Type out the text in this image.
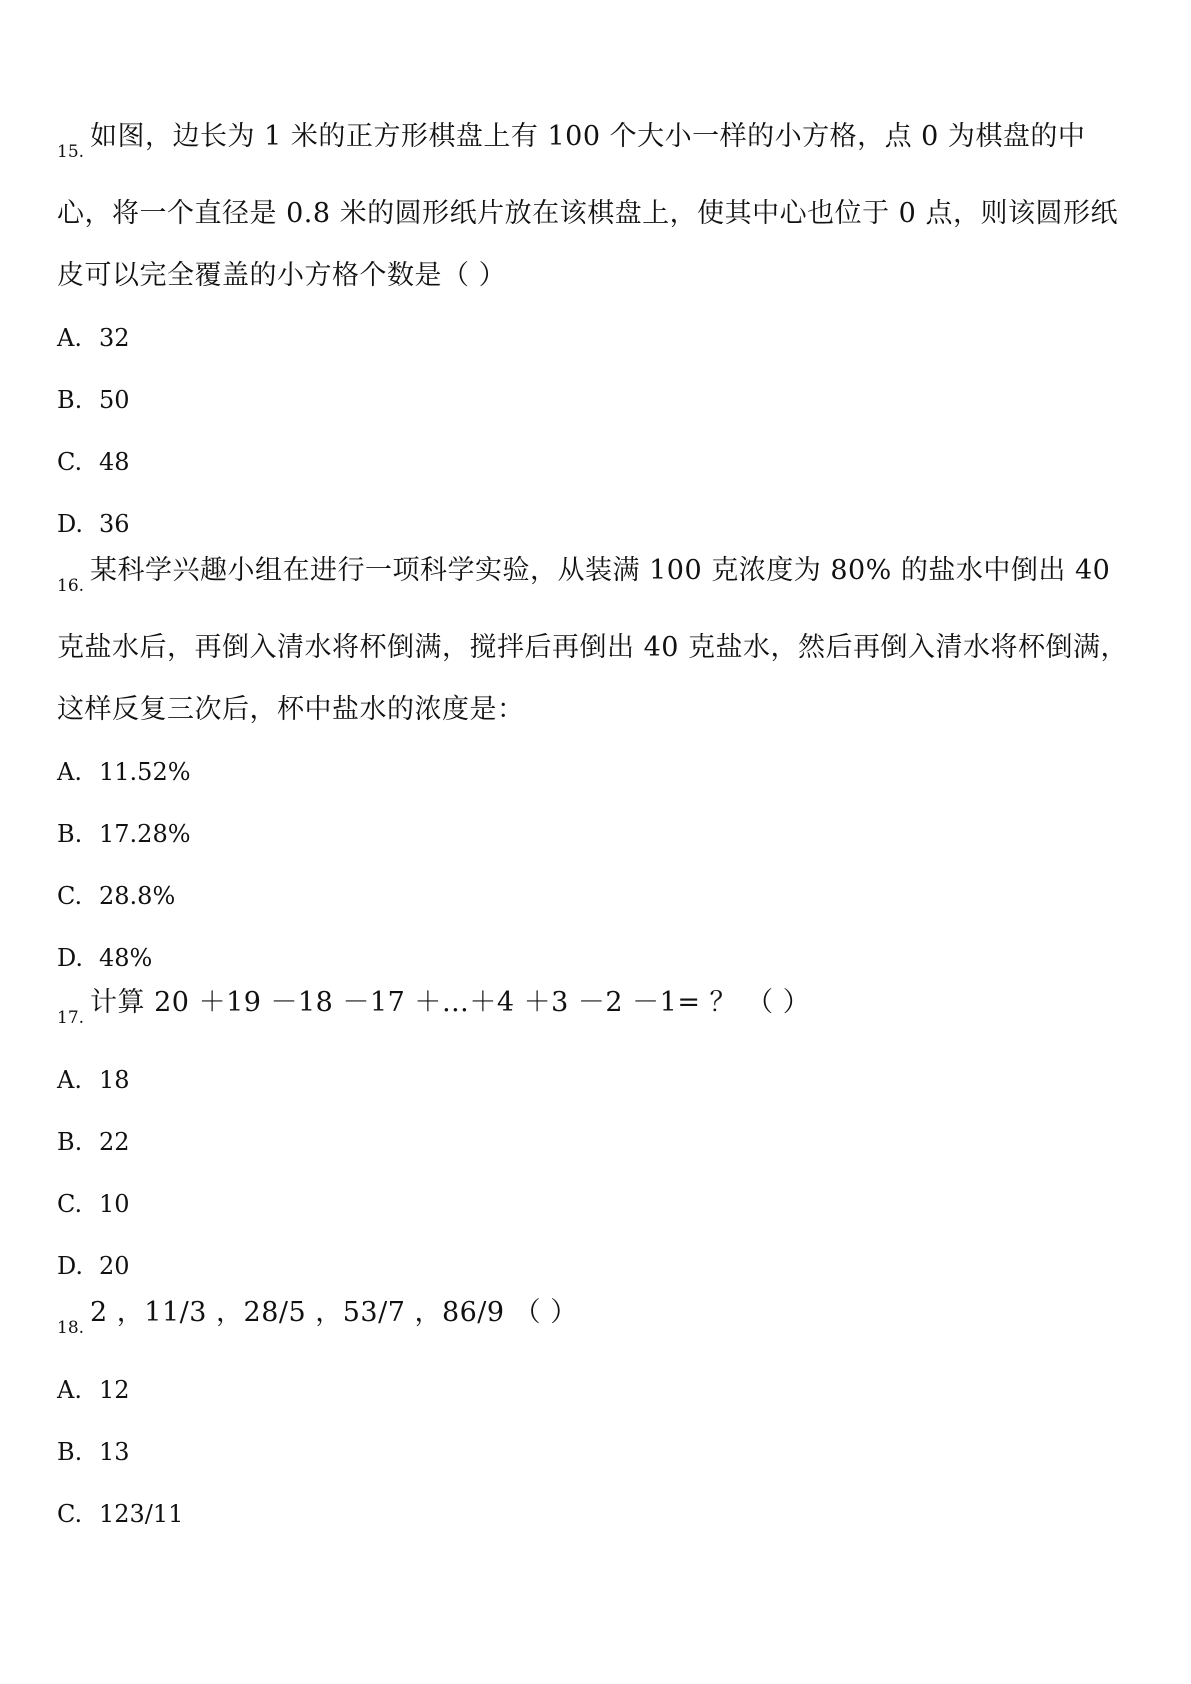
$_{15.}$ 如图，边长为 1 米的正方形棋盘上有 100 个大小一样的小方格，点 0 为棋盘的中心，将一个直径是 0.8 米的圆形纸片放在该棋盘上，使其中心也位于 0 点，则该圆形纸皮可以完全覆盖的小方格个数是（ ）
A. 32
B. 50
C. 48
D. 36
$_{16.}$ 某科学兴趣小组在进行一项科学实验，从装满 100 克浓度为 80% 的盐水中倒出 40 克盐水后，再倒入清水将杯倒满，搅拌后再倒出 40 克盐水，然后再倒入清水将杯倒满，这样反复三次后，杯中盐水的浓度是：
A. 11.52%
B. 17.28%
C. 28.8%
D. 48%
$_{17.}$ 计算 20 ＋19 －18 －17 ＋…＋4 ＋3 －2 －1= ？ （ ）
A. 18
B. 22
C. 10
D. 20
$_{18.}$ 2 ，11/3 ，28/5 ，53/7 ，86/9 （ ）
A. 12
B. 13
C. 123/11
